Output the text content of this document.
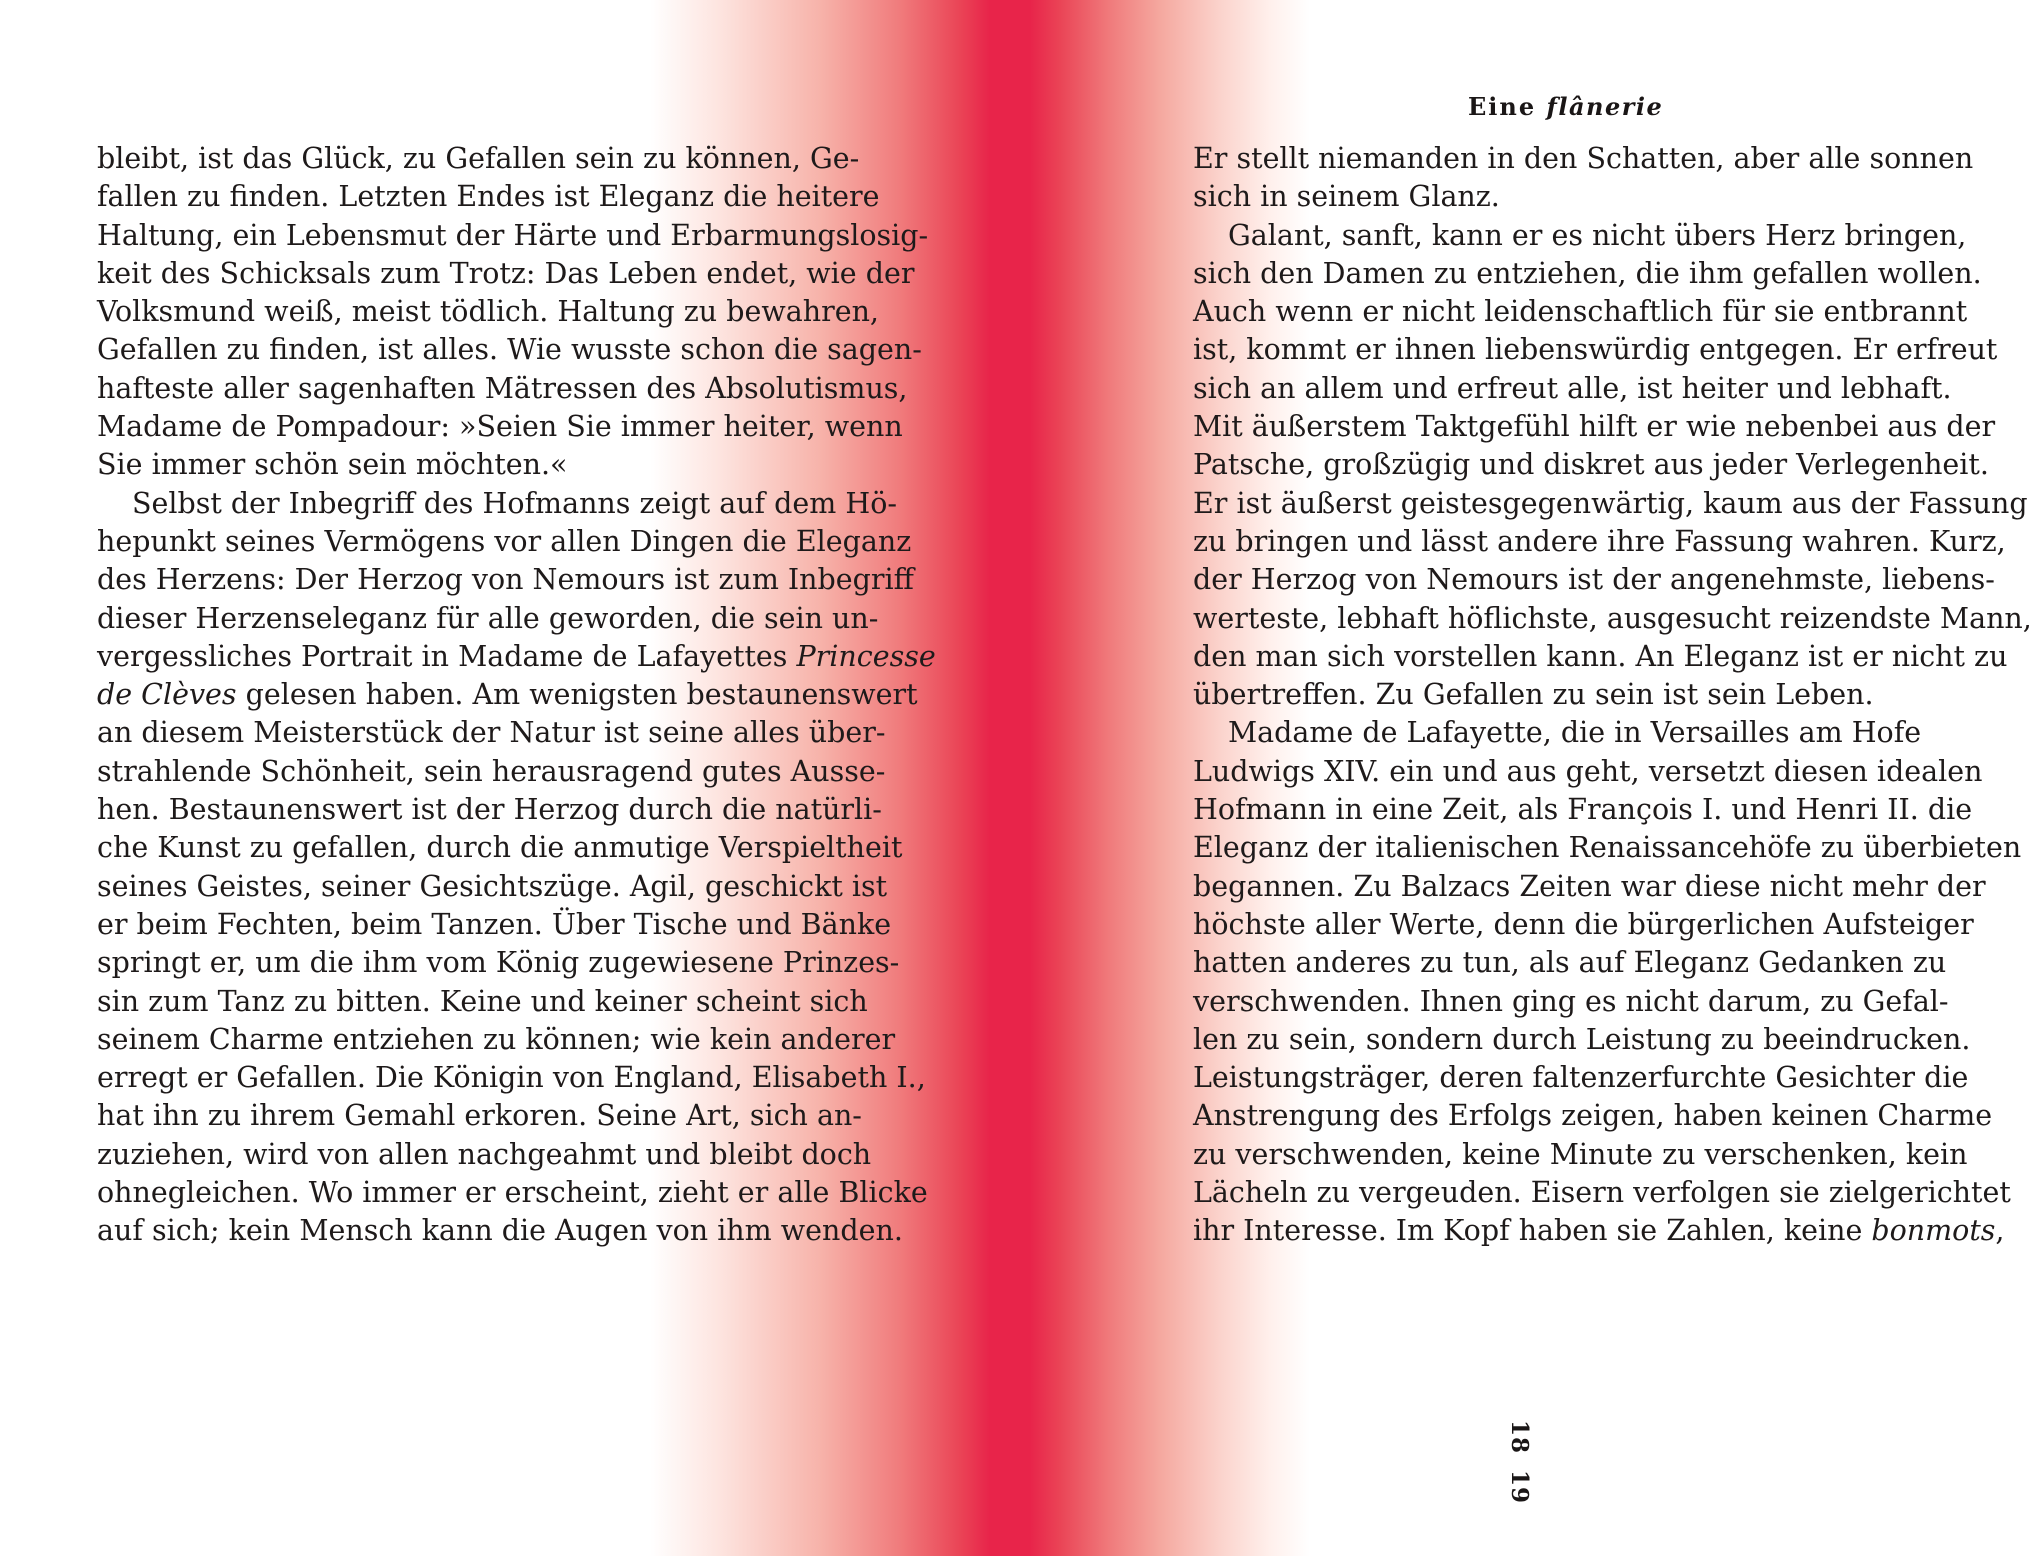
Eine flânerie
bleibt, ist das Glück, zu Gefallen sein zu können, Ge-
fallen zu finden. Letzten Endes ist Eleganz die heitere
Haltung, ein Lebensmut der Härte und Erbarmungslosig-
keit des Schicksals zum Trotz: Das Leben endet, wie der
Volksmund weiß, meist tödlich. Haltung zu bewahren,
Gefallen zu finden, ist alles. Wie wusste schon die sagen-
hafteste aller sagenhaften Mätressen des Absolutismus,
Madame de Pompadour: »Seien Sie immer heiter, wenn
Sie immer schön sein möchten.«
Selbst der Inbegriff des Hofmanns zeigt auf dem Hö-
hepunkt seines Vermögens vor allen Dingen die Eleganz
des Herzens: Der Herzog von Nemours ist zum Inbegriff
dieser Herzenseleganz für alle geworden, die sein un-
vergessliches Portrait in Madame de Lafayettes Princesse
de Clèves gelesen haben. Am wenigsten bestaunenswert
an diesem Meisterstück der Natur ist seine alles über-
strahlende Schönheit, sein herausragend gutes Ausse-
hen. Bestaunenswert ist der Herzog durch die natürli-
che Kunst zu gefallen, durch die anmutige Verspieltheit
seines Geistes, seiner Gesichtszüge. Agil, geschickt ist
er beim Fechten, beim Tanzen. Über Tische und Bänke
springt er, um die ihm vom König zugewiesene Prinzes-
sin zum Tanz zu bitten. Keine und keiner scheint sich
seinem Charme entziehen zu können; wie kein anderer
erregt er Gefallen. Die Königin von England, Elisabeth I.,
hat ihn zu ihrem Gemahl erkoren. Seine Art, sich an-
zuziehen, wird von allen nachgeahmt und bleibt doch
ohnegleichen. Wo immer er erscheint, zieht er alle Blicke
auf sich; kein Mensch kann die Augen von ihm wenden.
Er stellt niemanden in den Schatten, aber alle sonnen
sich in seinem Glanz.
Galant, sanft, kann er es nicht übers Herz bringen,
sich den Damen zu entziehen, die ihm gefallen wollen.
Auch wenn er nicht leidenschaftlich für sie entbrannt
ist, kommt er ihnen liebenswürdig entgegen. Er erfreut
sich an allem und erfreut alle, ist heiter und lebhaft.
Mit äußerstem Taktgefühl hilft er wie nebenbei aus der
Patsche, großzügig und diskret aus jeder Verlegenheit.
Er ist äußerst geistesgegenwärtig, kaum aus der Fassung
zu bringen und lässt andere ihre Fassung wahren. Kurz,
der Herzog von Nemours ist der angenehmste, liebens-
werteste, lebhaft höflichste, ausgesucht reizendste Mann,
den man sich vorstellen kann. An Eleganz ist er nicht zu
übertreffen. Zu Gefallen zu sein ist sein Leben.
Madame de Lafayette, die in Versailles am Hofe
Ludwigs XIV. ein und aus geht, versetzt diesen idealen
Hofmann in eine Zeit, als François I. und Henri II. die
Eleganz der italienischen Renaissancehöfe zu überbieten
begannen. Zu Balzacs Zeiten war diese nicht mehr der
höchste aller Werte, denn die bürgerlichen Aufsteiger
hatten anderes zu tun, als auf Eleganz Gedanken zu
verschwenden. Ihnen ging es nicht darum, zu Gefal-
len zu sein, sondern durch Leistung zu beeindrucken.
Leistungsträger, deren faltenzerfurchte Gesichter die
Anstrengung des Erfolgs zeigen, haben keinen Charme
zu verschwenden, keine Minute zu verschenken, kein
Lächeln zu vergeuden. Eisern verfolgen sie zielgerichtet
ihr Interesse. Im Kopf haben sie Zahlen, keine bonmots,
1819
